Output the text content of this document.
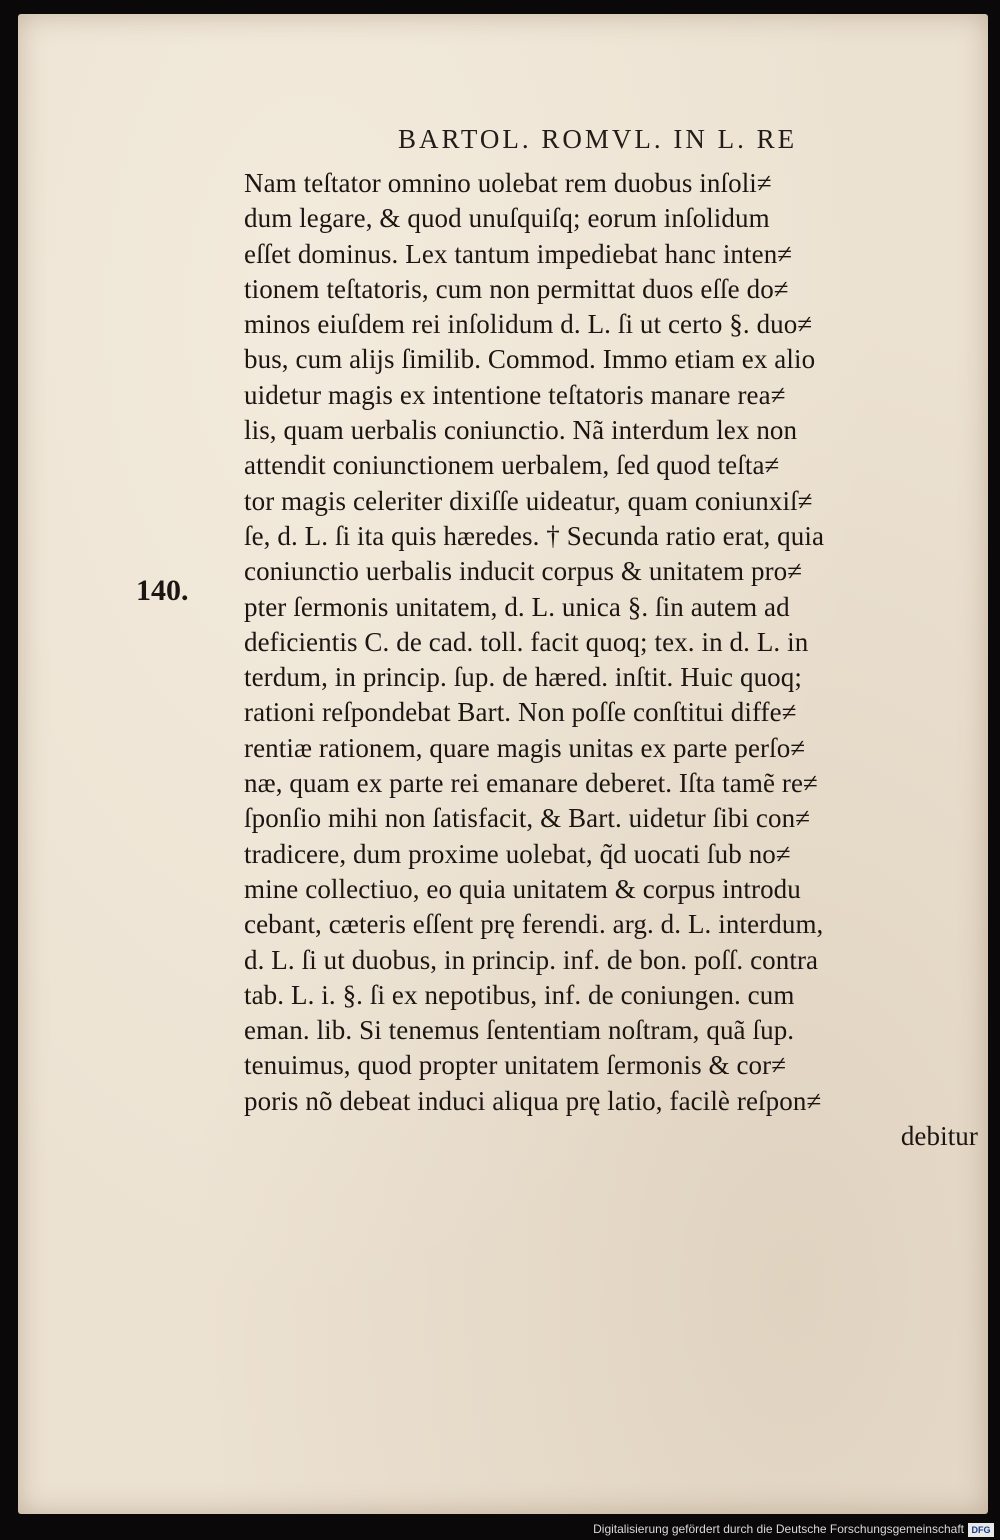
BARTOL. ROMVL. IN L. RE
140.
Nam teſtator omnino uolebat rem duobus inſoli≠
dum legare, & quod unuſquiſq; eorum inſolidum
eſſet dominus. Lex tantum impediebat hanc inten≠
tionem teſtatoris, cum non permittat duos eſſe do≠
minos eiuſdem rei inſolidum d. L. ſi ut certo §. duo≠
bus, cum alijs ſimilib. Commod. Immo etiam ex alio
uidetur magis ex intentione teſtatoris manare rea≠
lis, quam uerbalis coniunctio. Nã interdum lex non
attendit coniunctionem uerbalem, ſed quod teſta≠
tor magis celeriter dixiſſe uideatur, quam coniunxiſ≠
ſe, d. L. ſi ita quis hæredes. † Secunda ratio erat, quia
coniunctio uerbalis inducit corpus & unitatem pro≠
pter ſermonis unitatem, d. L. unica §. ſin autem ad
deficientis C. de cad. toll. facit quoq; tex. in d. L. in
terdum, in princip. ſup. de hæred. inſtit. Huic quoq;
rationi reſpondebat Bart. Non poſſe conſtitui diffe≠
rentiæ rationem, quare magis unitas ex parte perſo≠
næ, quam ex parte rei emanare deberet. Iſta tamẽ re≠
ſponſio mihi non ſatisfacit, & Bart. uidetur ſibi con≠
tradicere, dum proxime uolebat, q̃d uocati ſub no≠
mine collectiuo, eo quia unitatem & corpus introdu
cebant, cæteris eſſent prę ferendi. arg. d. L. interdum,
d. L. ſi ut duobus, in princip. inf. de bon. poſſ. contra
tab. L. i. §. ſi ex nepotibus, inf. de coniungen. cum
eman. lib. Si tenemus ſententiam noſtram, quã ſup.
tenuimus, quod propter unitatem ſermonis & cor≠
poris nõ debeat induci aliqua prę latio, facilè reſpon≠
debitur
Digitalisierung gefördert durch die Deutsche Forschungsgemeinschaft DFG
